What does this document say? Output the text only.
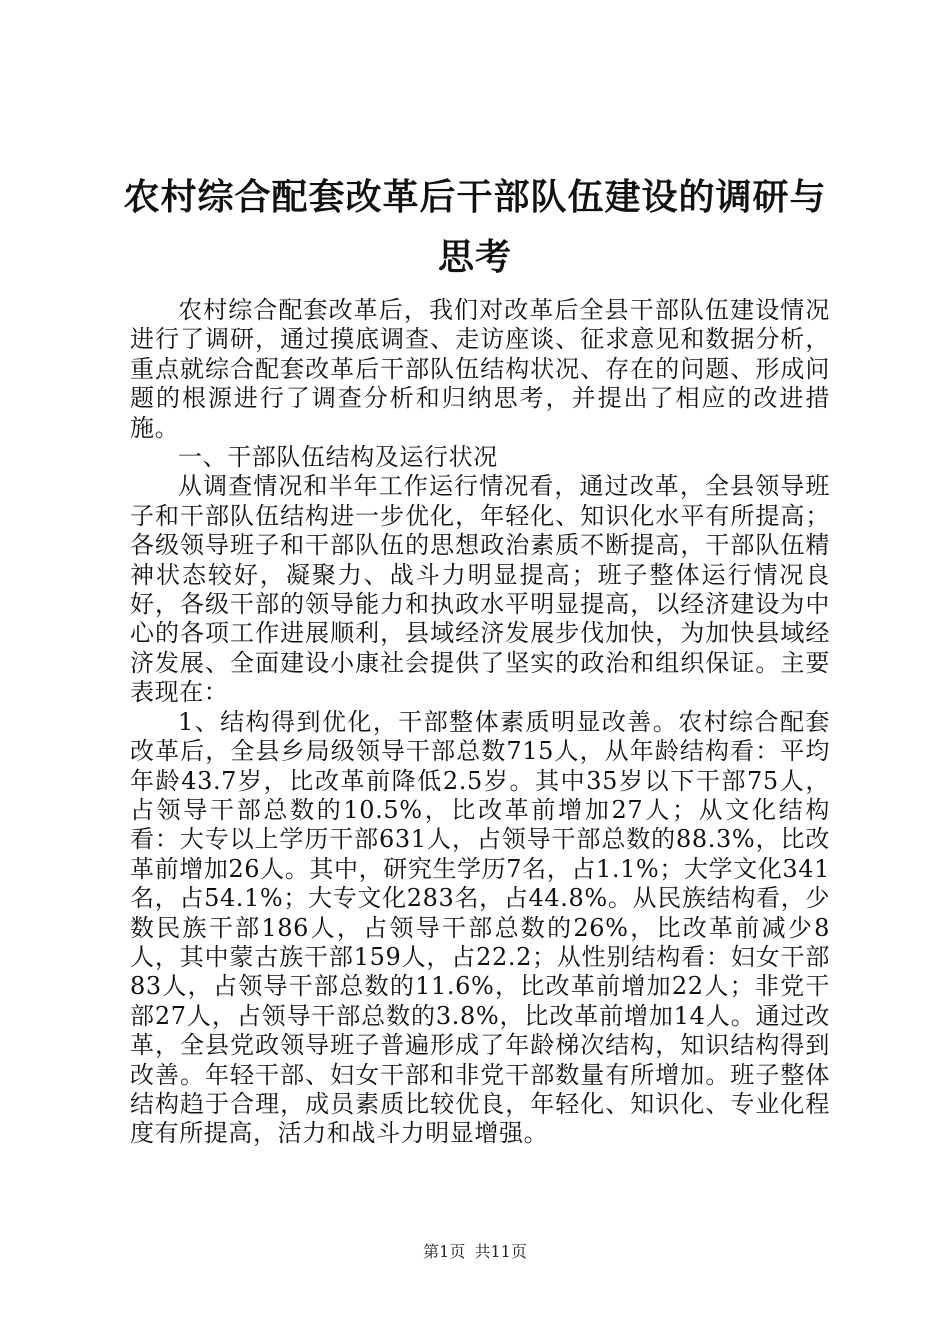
农村综合配套改革后干部队伍建设的调研与思考

农村综合配套改革后，我们对改革后全县干部队伍建设情况进行了调研，通过摸底调查、走访座谈、征求意见和数据分析，重点就综合配套改革后干部队伍结构状况、存在的问题、形成问题的根源进行了调查分析和归纳思考，并提出了相应的改进措施。

一、干部队伍结构及运行状况

从调查情况和半年工作运行情况看，通过改革，全县领导班子和干部队伍结构进一步优化，年轻化、知识化水平有所提高；各级领导班子和干部队伍的思想政治素质不断提高，干部队伍精神状态较好，凝聚力、战斗力明显提高；班子整体运行情况良好，各级干部的领导能力和执政水平明显提高，以经济建设为中心的各项工作进展顺利，县域经济发展步伐加快，为加快县域经济发展、全面建设小康社会提供了坚实的政治和组织保证。主要表现在：

1、结构得到优化，干部整体素质明显改善。农村综合配套改革后，全县乡局级领导干部总数715人，从年龄结构看：平均年龄43.7岁，比改革前降低2.5岁。其中35岁以下干部75人，占领导干部总数的10.5%，比改革前增加27人；从文化结构看：大专以上学历干部631人，占领导干部总数的88.3%，比改革前增加26人。其中，研究生学历7名，占1.1%；大学文化341名，占54.1%；大专文化283名，占44.8%。从民族结构看，少数民族干部186人，占领导干部总数的26%，比改革前减少8人，其中蒙古族干部159人，占22.2；从性别结构看：妇女干部83人，占领导干部总数的11.6%，比改革前增加22人；非党干部27人，占领导干部总数的3.8%，比改革前增加14人。通过改革，全县党政领导班子普遍形成了年龄梯次结构，知识结构得到改善。年轻干部、妇女干部和非党干部数量有所增加。班子整体结构趋于合理，成员素质比较优良，年轻化、知识化、专业化程度有所提高，活力和战斗力明显增强。

第1页 共11页
